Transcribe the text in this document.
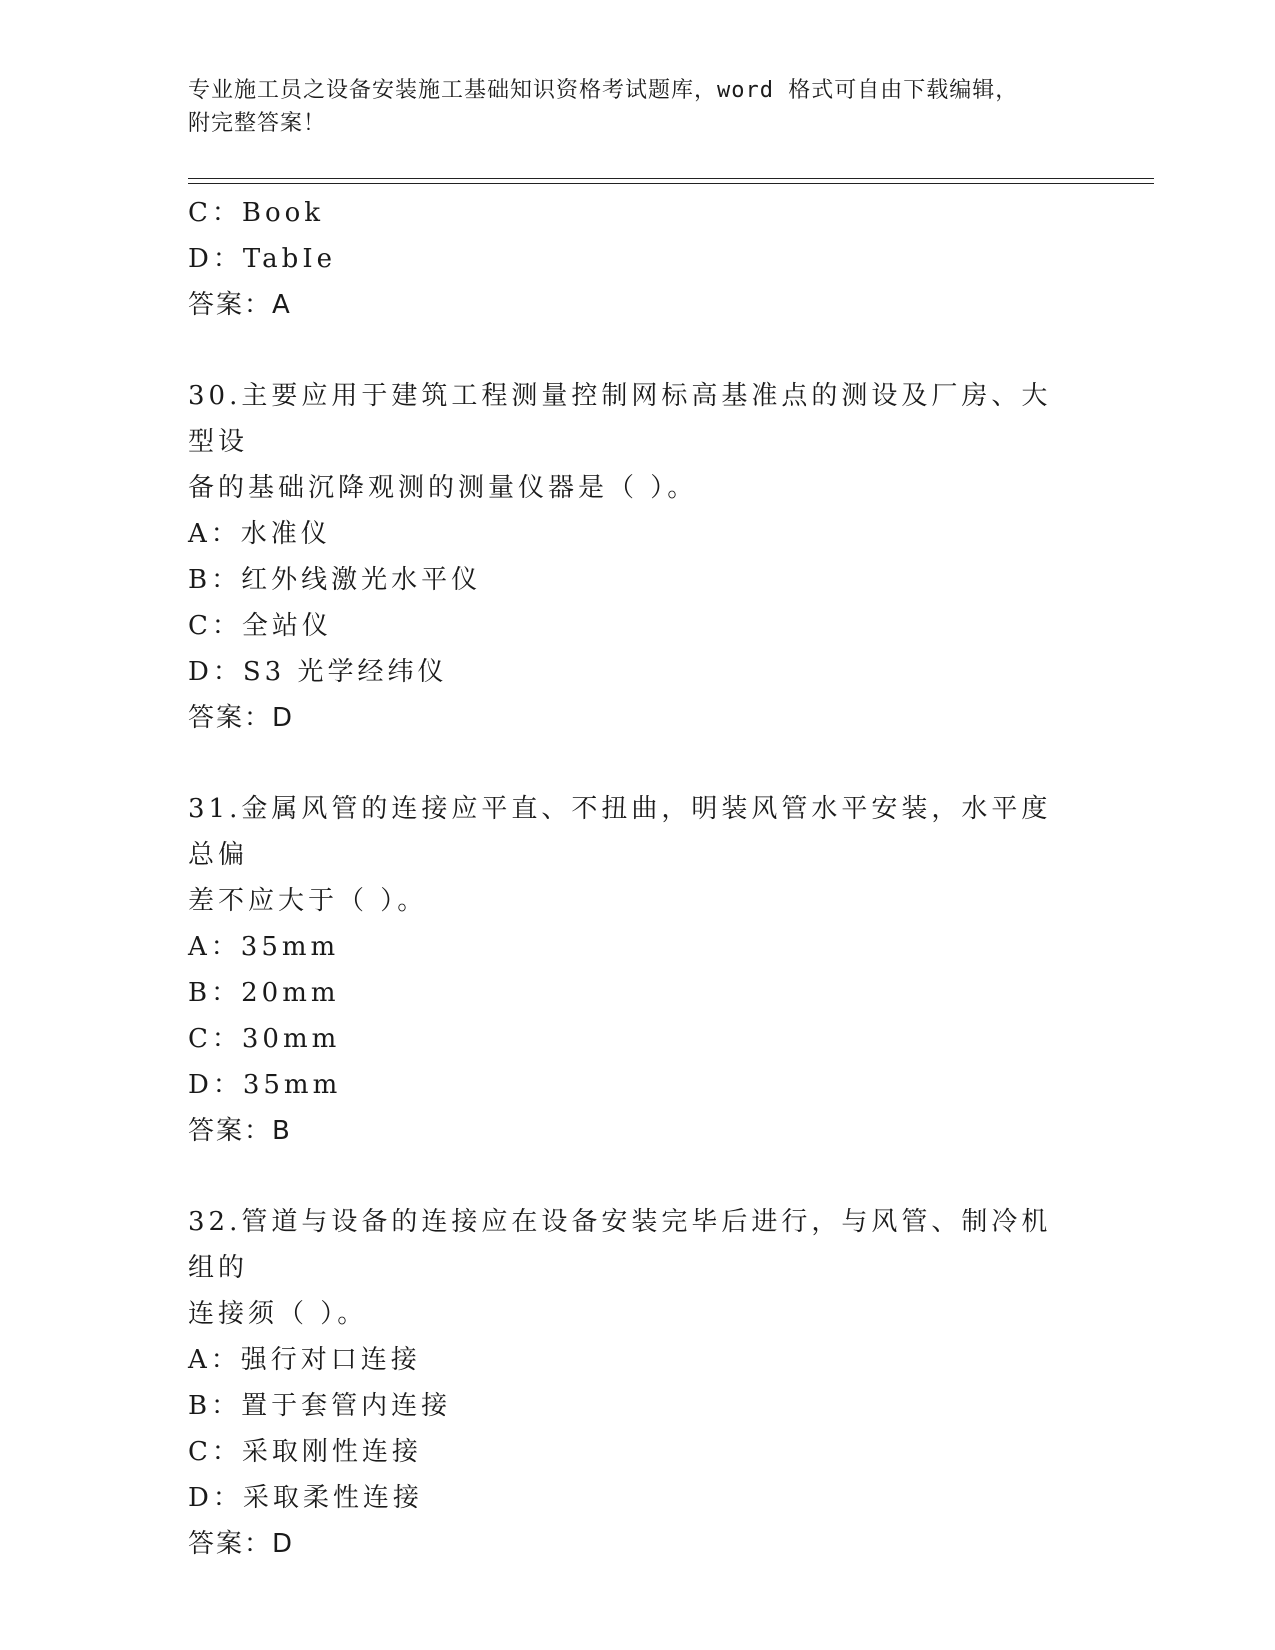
专业施工员之设备安装施工基础知识资格考试题库，word 格式可自由下载编辑，
附完整答案！
C：Book
D：TabIe
答案：A
30.主要应用于建筑工程测量控制网标高基准点的测设及厂房、大型设
备的基础沉降观测的测量仪器是（ ）。
A：水准仪
B：红外线激光水平仪
C：全站仪
D：S3 光学经纬仪
答案：D
31.金属风管的连接应平直、不扭曲，明装风管水平安装，水平度总偏
差不应大于（ ）。
A：35mm
B：20mm
C：30mm
D：35mm
答案：B
32.管道与设备的连接应在设备安装完毕后进行，与风管、制冷机组的
连接须（ ）。
A：强行对口连接
B：置于套管内连接
C：采取刚性连接
D：采取柔性连接
答案：D
